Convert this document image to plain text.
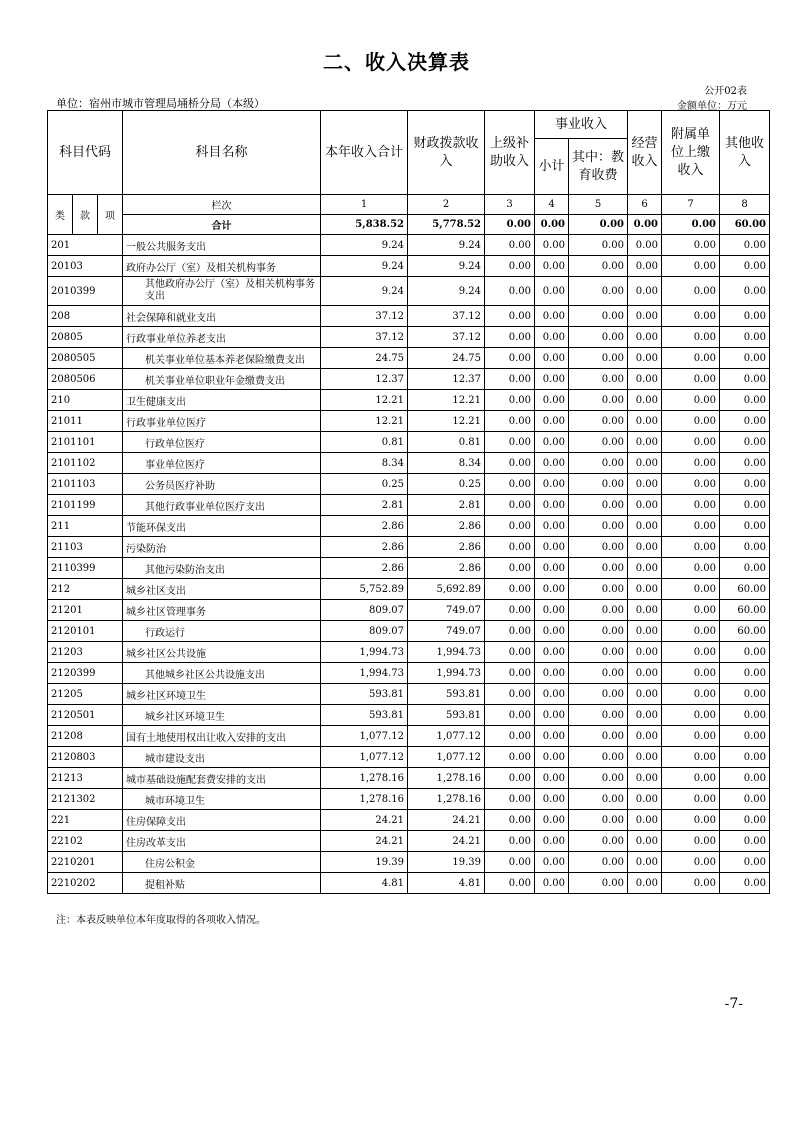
二、收入决算表
公开02表
单位：宿州市城市管理局埇桥分局（本级）	金额单位：万元
科目代码			科目名称	本年收入合计	财政拨款收入	上级补助收入	事业收入		经营收入	附属单位上缴收入	其他收入
							小计	其中：教育收费			

类	款	项	栏次	1	2	3	4	5	6	7	8
			合计	5,838.52	5,778.52	0.00	0.00	0.00	0.00	0.00	60.00
201			一般公共服务支出	9.24	9.24	0.00	0.00	0.00	0.00	0.00	0.00
20103			政府办公厅（室）及相关机构事务	9.24	9.24	0.00	0.00	0.00	0.00	0.00	0.00
2010399			其他政府办公厅（室）及相关机构事务支出	9.24	9.24	0.00	0.00	0.00	0.00	0.00	0.00
208			社会保障和就业支出	37.12	37.12	0.00	0.00	0.00	0.00	0.00	0.00
20805			行政事业单位养老支出	37.12	37.12	0.00	0.00	0.00	0.00	0.00	0.00
2080505			机关事业单位基本养老保险缴费支出	24.75	24.75	0.00	0.00	0.00	0.00	0.00	0.00
2080506			机关事业单位职业年金缴费支出	12.37	12.37	0.00	0.00	0.00	0.00	0.00	0.00
210			卫生健康支出	12.21	12.21	0.00	0.00	0.00	0.00	0.00	0.00
21011			行政事业单位医疗	12.21	12.21	0.00	0.00	0.00	0.00	0.00	0.00
2101101			行政单位医疗	0.81	0.81	0.00	0.00	0.00	0.00	0.00	0.00
2101102			事业单位医疗	8.34	8.34	0.00	0.00	0.00	0.00	0.00	0.00
2101103			公务员医疗补助	0.25	0.25	0.00	0.00	0.00	0.00	0.00	0.00
2101199			其他行政事业单位医疗支出	2.81	2.81	0.00	0.00	0.00	0.00	0.00	0.00
211			节能环保支出	2.86	2.86	0.00	0.00	0.00	0.00	0.00	0.00
21103			污染防治	2.86	2.86	0.00	0.00	0.00	0.00	0.00	0.00
2110399			其他污染防治支出	2.86	2.86	0.00	0.00	0.00	0.00	0.00	0.00
212			城乡社区支出	5,752.89	5,692.89	0.00	0.00	0.00	0.00	0.00	60.00
21201			城乡社区管理事务	809.07	749.07	0.00	0.00	0.00	0.00	0.00	60.00
2120101			行政运行	809.07	749.07	0.00	0.00	0.00	0.00	0.00	60.00
21203			城乡社区公共设施	1,994.73	1,994.73	0.00	0.00	0.00	0.00	0.00	0.00
2120399			其他城乡社区公共设施支出	1,994.73	1,994.73	0.00	0.00	0.00	0.00	0.00	0.00
21205			城乡社区环境卫生	593.81	593.81	0.00	0.00	0.00	0.00	0.00	0.00
2120501			城乡社区环境卫生	593.81	593.81	0.00	0.00	0.00	0.00	0.00	0.00
21208			国有土地使用权出让收入安排的支出	1,077.12	1,077.12	0.00	0.00	0.00	0.00	0.00	0.00
2120803			城市建设支出	1,077.12	1,077.12	0.00	0.00	0.00	0.00	0.00	0.00
21213			城市基础设施配套费安排的支出	1,278.16	1,278.16	0.00	0.00	0.00	0.00	0.00	0.00
2121302			城市环境卫生	1,278.16	1,278.16	0.00	0.00	0.00	0.00	0.00	0.00
221			住房保障支出	24.21	24.21	0.00	0.00	0.00	0.00	0.00	0.00
22102			住房改革支出	24.21	24.21	0.00	0.00	0.00	0.00	0.00	0.00
2210201			住房公积金	19.39	19.39	0.00	0.00	0.00	0.00	0.00	0.00
2210202			提租补贴	4.81	4.81	0.00	0.00	0.00	0.00	0.00	0.00
注：本表反映单位本年度取得的各项收入情况。
-7-
